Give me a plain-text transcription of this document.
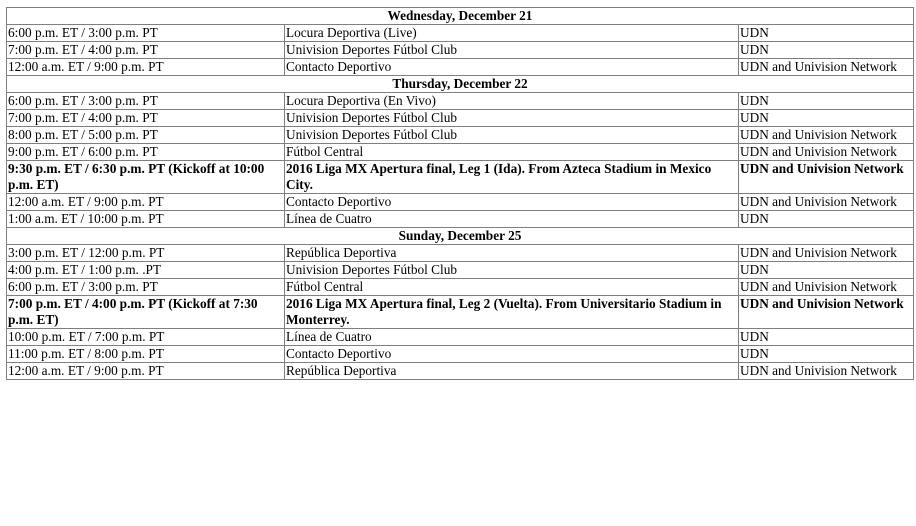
Wednesday, December 21		
6:00 p.m. ET / 3:00 p.m. PT	Locura Deportiva (Live)	UDN
7:00 p.m. ET / 4:00 p.m. PT	Univision Deportes Fútbol Club	UDN
12:00 a.m. ET / 9:00 p.m. PT	Contacto Deportivo	UDN and Univision Network
Thursday, December 22		
6:00 p.m. ET / 3:00 p.m. PT	Locura Deportiva (En Vivo)	UDN
7:00 p.m. ET / 4:00 p.m. PT	Univision Deportes Fútbol Club	UDN
8:00 p.m. ET / 5:00 p.m. PT	Univision Deportes Fútbol Club	UDN and Univision Network
9:00 p.m. ET / 6:00 p.m. PT	Fútbol Central	UDN and Univision Network
9:30 p.m. ET / 6:30 p.m. PT (Kickoff at 10:00 p.m. ET)	2016 Liga MX Apertura final, Leg 1 (Ida). From Azteca Stadium in Mexico City.	UDN and Univision Network
12:00 a.m. ET / 9:00 p.m. PT	Contacto Deportivo	UDN and Univision Network
1:00 a.m. ET / 10:00 p.m. PT	Línea de Cuatro	UDN
Sunday, December 25		
3:00 p.m. ET / 12:00 p.m. PT	República Deportiva	UDN and Univision Network
4:00 p.m. ET / 1:00 p.m. .PT	Univision Deportes Fútbol Club	UDN
6:00 p.m. ET / 3:00 p.m. PT	Fútbol Central	UDN and Univision Network
7:00 p.m. ET / 4:00 p.m. PT (Kickoff at 7:30 p.m. ET)	2016 Liga MX Apertura final, Leg 2 (Vuelta). From Universitario Stadium in Monterrey.	UDN and Univision Network
10:00 p.m. ET / 7:00 p.m. PT	Línea de Cuatro	UDN
11:00 p.m. ET / 8:00 p.m. PT	Contacto Deportivo	UDN
12:00 a.m. ET / 9:00 p.m. PT	República Deportiva	UDN and Univision Network
